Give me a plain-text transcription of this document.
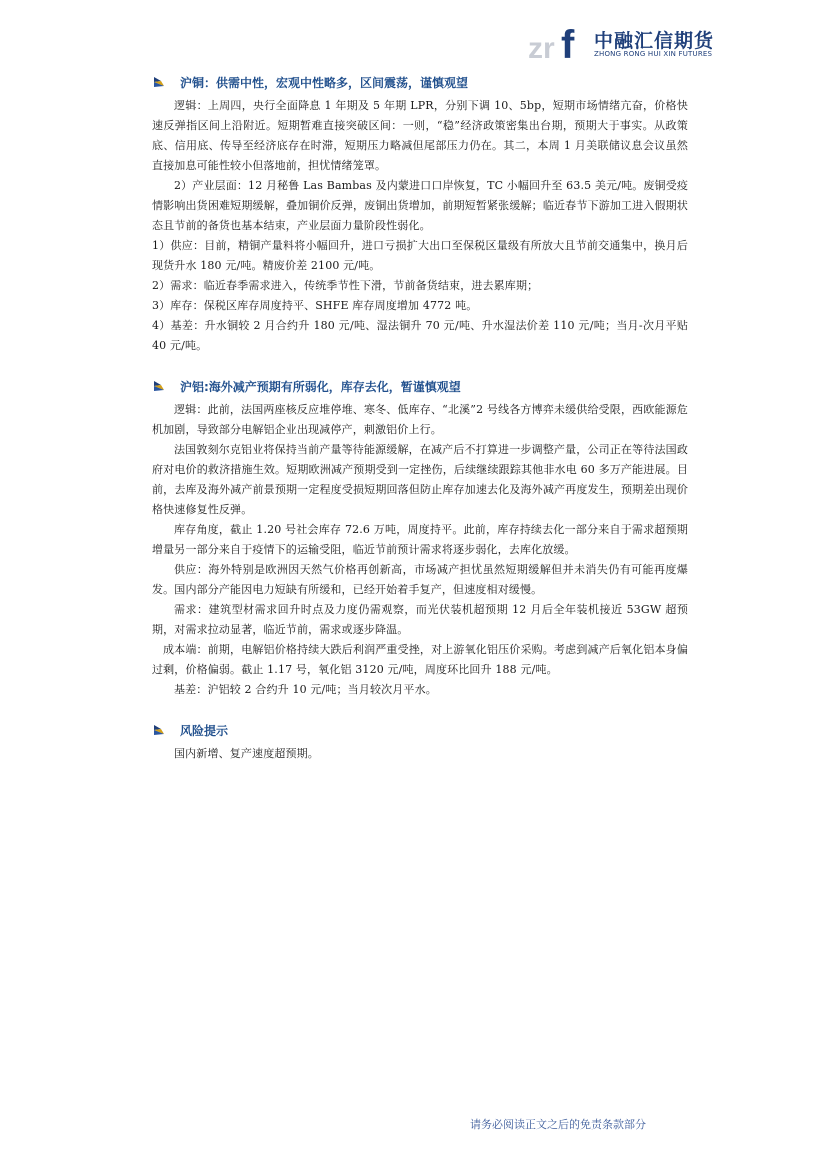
zr f 中融汇信期货
ZHONG RONG HUI XIN FUTURES
沪铜：供需中性，宏观中性略多，区间震荡，谨慎观望

逻辑：上周四，央行全面降息 1 年期及 5 年期 LPR，分别下调 10、5bp，短期市场情绪亢奋，价格快速反弹指区间上沿附近。短期暂难直接突破区间：一则，“稳”经济政策密集出台期，预期大于事实。从政策底、信用底、传导至经济底存在时滞，短期压力略减但尾部压力仍在。其二，本周 1 月美联储议息会议虽然直接加息可能性较小但落地前，担忧情绪笼罩。

2）产业层面：12 月秘鲁 Las Bambas 及内蒙进口口岸恢复，TC 小幅回升至 63.5 美元/吨。废铜受疫情影响出货困难短期缓解，叠加铜价反弹，废铜出货增加，前期短暂紧张缓解；临近春节下游加工进入假期状态且节前的备货也基本结束，产业层面力量阶段性弱化。

1）供应：目前，精铜产量料将小幅回升，进口亏损扩大出口至保税区量级有所放大且节前交通集中，换月后现货升水 180 元/吨。精废价差 2100 元/吨。

2）需求：临近春季需求进入，传统季节性下滑，节前备货结束，进去累库期；

3）库存：保税区库存周度持平、SHFE 库存周度增加 4772 吨。

4）基差：升水铜较 2 月合约升 180 元/吨、湿法铜升 70 元/吨、升水湿法价差 110 元/吨；当月-次月平贴 40 元/吨。

沪铝:海外减产预期有所弱化，库存去化，暂谨慎观望

逻辑：此前，法国两座核反应堆停堆、寒冬、低库存、“北溪”2 号线各方博弈未缓供给受限，西欧能源危机加剧，导致部分电解铝企业出现减停产，刺激铝价上行。

法国敦刻尔克铝业将保持当前产量等待能源缓解，在减产后不打算进一步调整产量，公司正在等待法国政府对电价的救济措施生效。短期欧洲减产预期受到一定挫伤，后续继续跟踪其他非水电 60 多万产能进展。目前，去库及海外减产前景预期一定程度受损短期回落但防止库存加速去化及海外减产再度发生，预期差出现价格快速修复性反弹。

库存角度，截止 1.20 号社会库存 72.6 万吨，周度持平。此前，库存持续去化一部分来自于需求超预期增量另一部分来自于疫情下的运输受阻，临近节前预计需求将逐步弱化，去库化放缓。

供应：海外特别是欧洲因天然气价格再创新高，市场减产担忧虽然短期缓解但并未消失仍有可能再度爆发。国内部分产能因电力短缺有所缓和，已经开始着手复产，但速度相对缓慢。

需求：建筑型材需求回升时点及力度仍需观察，而光伏装机超预期 12 月后全年装机接近 53GW 超预期，对需求拉动显著，临近节前，需求或逐步降温。

成本端：前期，电解铝价格持续大跌后利润严重受挫，对上游氧化铝压价采购。考虑到减产后氧化铝本身偏过剩，价格偏弱。截止 1.17 号，氧化铝 3120 元/吨，周度环比回升 188 元/吨。

基差：沪铝较 2 合约升 10 元/吨；当月较次月平水。

风险提示

国内新增、复产速度超预期。

请务必阅读正文之后的免责条款部分
